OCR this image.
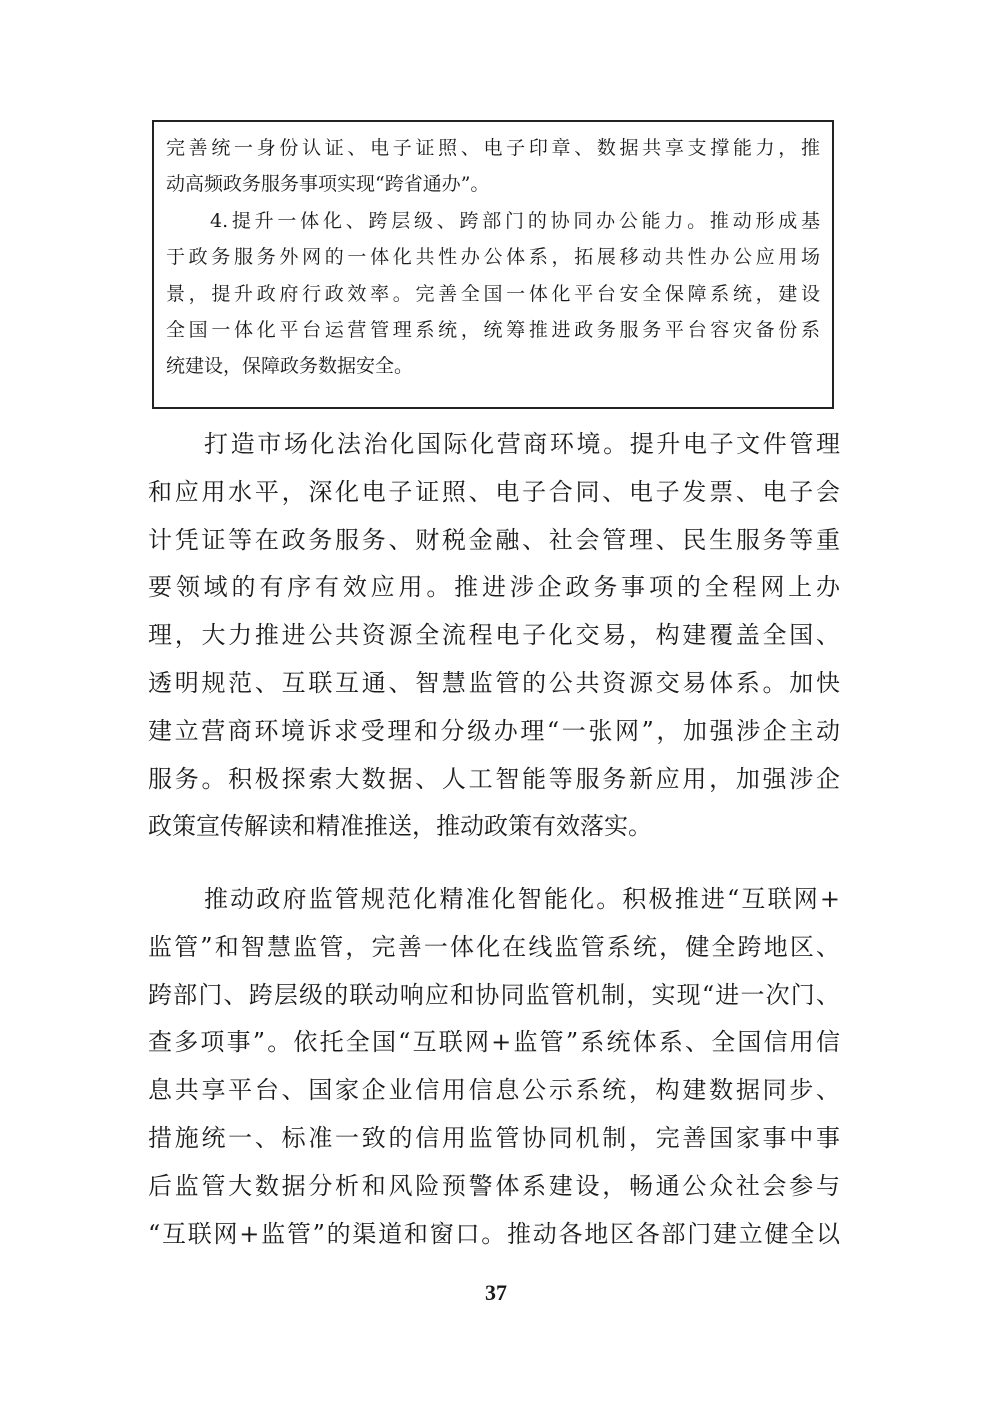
完善统一身份认证、电子证照、电子印章、数据共享支撑能力，推
动高频政务服务事项实现“跨省通办”。
4.提升一体化、跨层级、跨部门的协同办公能力。推动形成基
于政务服务外网的一体化共性办公体系，拓展移动共性办公应用场
景，提升政府行政效率。完善全国一体化平台安全保障系统，建设
全国一体化平台运营管理系统，统筹推进政务服务平台容灾备份系
统建设，保障政务数据安全。
打造市场化法治化国际化营商环境。提升电子文件管理
和应用水平，深化电子证照、电子合同、电子发票、电子会
计凭证等在政务服务、财税金融、社会管理、民生服务等重
要领域的有序有效应用。推进涉企政务事项的全程网上办
理，大力推进公共资源全流程电子化交易，构建覆盖全国、
透明规范、互联互通、智慧监管的公共资源交易体系。加快
建立营商环境诉求受理和分级办理“一张网”，加强涉企主动
服务。积极探索大数据、人工智能等服务新应用，加强涉企
政策宣传解读和精准推送，推动政策有效落实。
推动政府监管规范化精准化智能化。积极推进“互联网+
监管”和智慧监管，完善一体化在线监管系统，健全跨地区、
跨部门、跨层级的联动响应和协同监管机制，实现“进一次门、
查多项事”。依托全国“互联网+监管”系统体系、全国信用信
息共享平台、国家企业信用信息公示系统，构建数据同步、
措施统一、标准一致的信用监管协同机制，完善国家事中事
后监管大数据分析和风险预警体系建设，畅通公众社会参与
“互联网+监管”的渠道和窗口。推动各地区各部门建立健全以
37
